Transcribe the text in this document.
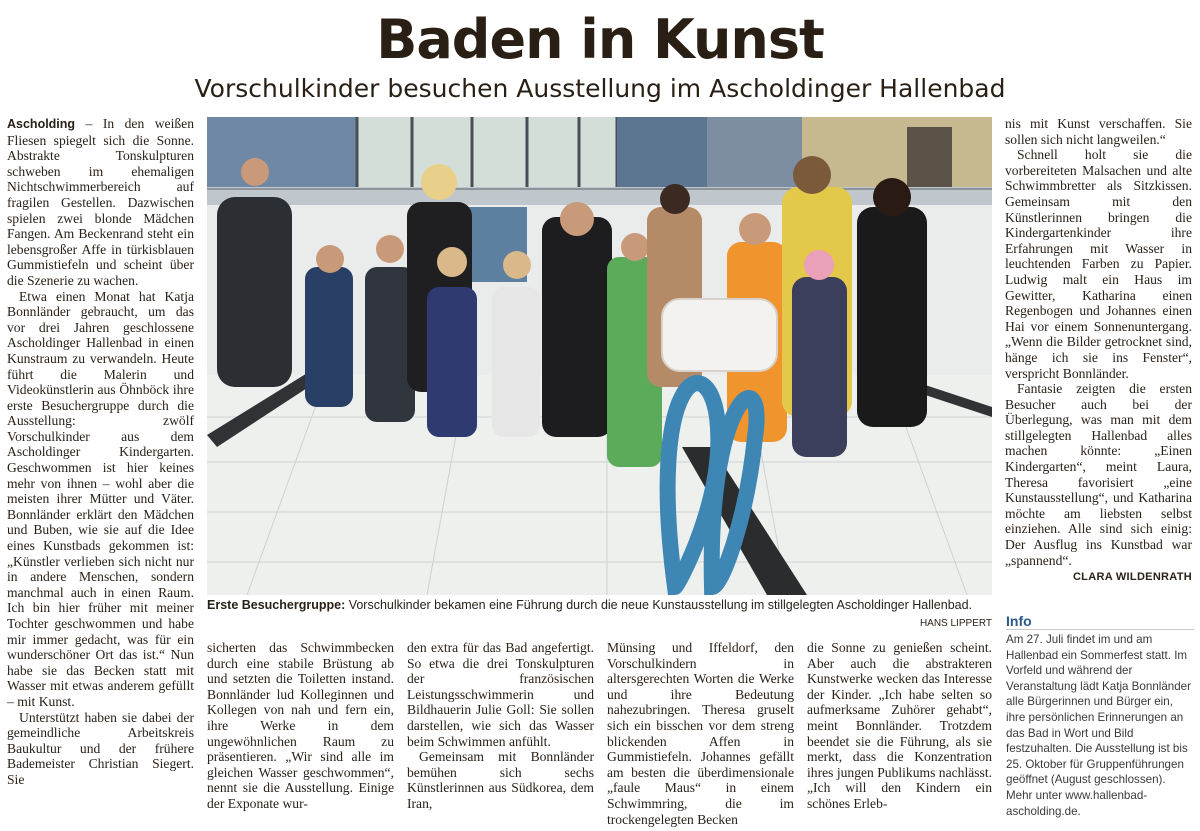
Baden in Kunst
Vorschulkinder besuchen Ausstellung im Ascholdinger Hallenbad

Ascholding – In den weißen Fliesen spiegelt sich die Sonne. Abstrakte Tonskulpturen schweben im ehemaligen Nichtschwimmerbereich auf fragilen Gestellen. Dazwischen spielen zwei blonde Mädchen Fangen. Am Beckenrand steht ein lebensgroßer Affe in türkisblauen Gummistiefeln und scheint über die Szenerie zu wachen.

Etwa einen Monat hat Katja Bonnländer gebraucht, um das vor drei Jahren geschlossene Ascholdinger Hallenbad in einen Kunstraum zu verwandeln. Heute führt die Malerin und Videokünstlerin aus Öhnböck ihre erste Besuchergruppe durch die Ausstellung: zwölf Vorschulkinder aus dem Ascholdinger Kindergarten. Geschwommen ist hier keines mehr von ihnen – wohl aber die meisten ihrer Mütter und Väter. Bonnländer erklärt den Mädchen und Buben, wie sie auf die Idee eines Kunstbads gekommen ist: „Künstler verlieben sich nicht nur in andere Menschen, sondern manchmal auch in einen Raum. Ich bin hier früher mit meiner Tochter geschwommen und habe mir immer gedacht, was für ein wunderschöner Ort das ist.“ Nun habe sie das Becken statt mit Wasser mit etwas anderem gefüllt – mit Kunst.

Unterstützt haben sie dabei der gemeindliche Arbeitskreis Baukultur und der frühere Bademeister Christian Siegert. Sie

Erste Besuchergruppe: Vorschulkinder bekamen eine Führung durch die neue Kunstausstellung im stillgelegten Ascholdinger Hallenbad.
HANS LIPPERT

sicherten das Schwimmbecken durch eine stabile Brüstung ab und setzten die Toiletten instand. Bonnländer lud Kolleginnen und Kollegen von nah und fern ein, ihre Werke in dem ungewöhnlichen Raum zu präsentieren. „Wir sind alle im gleichen Wasser geschwommen“, nennt sie die Ausstellung. Einige der Exponate wur-

den extra für das Bad angefertigt. So etwa die drei Tonskulpturen der französischen Leistungsschwimmerin und Bildhauerin Julie Goll: Sie sollen darstellen, wie sich das Wasser beim Schwimmen anfühlt.

Gemeinsam mit Bonnländer bemühen sich sechs Künstlerinnen aus Südkorea, dem Iran,

Münsing und Iffeldorf, den Vorschulkindern in altersgerechten Worten die Werke und ihre Bedeutung nahezubringen. Theresa gruselt sich ein bisschen vor dem streng blickenden Affen in Gummistiefeln. Johannes gefällt am besten die überdimensionale „faule Maus“ in einem Schwimmring, die im trockengelegten Becken

die Sonne zu genießen scheint. Aber auch die abstrakteren Kunstwerke wecken das Interesse der Kinder. „Ich habe selten so aufmerksame Zuhörer gehabt“, meint Bonnländer. Trotzdem beendet sie die Führung, als sie merkt, dass die Konzentration ihres jungen Publikums nachlässt. „Ich will den Kindern ein schönes Erleb-

nis mit Kunst verschaffen. Sie sollen sich nicht langweilen.“

Schnell holt sie die vorbereiteten Malsachen und alte Schwimmbretter als Sitzkissen. Gemeinsam mit den Künstlerinnen bringen die Kindergartenkinder ihre Erfahrungen mit Wasser in leuchtenden Farben zu Papier. Ludwig malt ein Haus im Gewitter, Katharina einen Regenbogen und Johannes einen Hai vor einem Sonnenuntergang. „Wenn die Bilder getrocknet sind, hänge ich sie ins Fenster“, verspricht Bonnländer.

Fantasie zeigten die ersten Besucher auch bei der Überlegung, was man mit dem stillgelegten Hallenbad alles machen könnte: „Einen Kindergarten“, meint Laura, Theresa favorisiert „eine Kunstausstellung“, und Katharina möchte am liebsten selbst einziehen. Alle sind sich einig: Der Ausflug ins Kunstbad war „spannend“.

CLARA WILDENRATH
Info
Am 27. Juli findet im und am Hallenbad ein Sommerfest statt. Im Vorfeld und während der Veranstaltung lädt Katja Bonnländer alle Bürgerinnen und Bürger ein, ihre persönlichen Erinnerungen an das Bad in Wort und Bild festzuhalten. Die Ausstellung ist bis 25. Oktober für Gruppenführungen geöffnet (August geschlossen). Mehr unter www.hallenbad-ascholding.de.
